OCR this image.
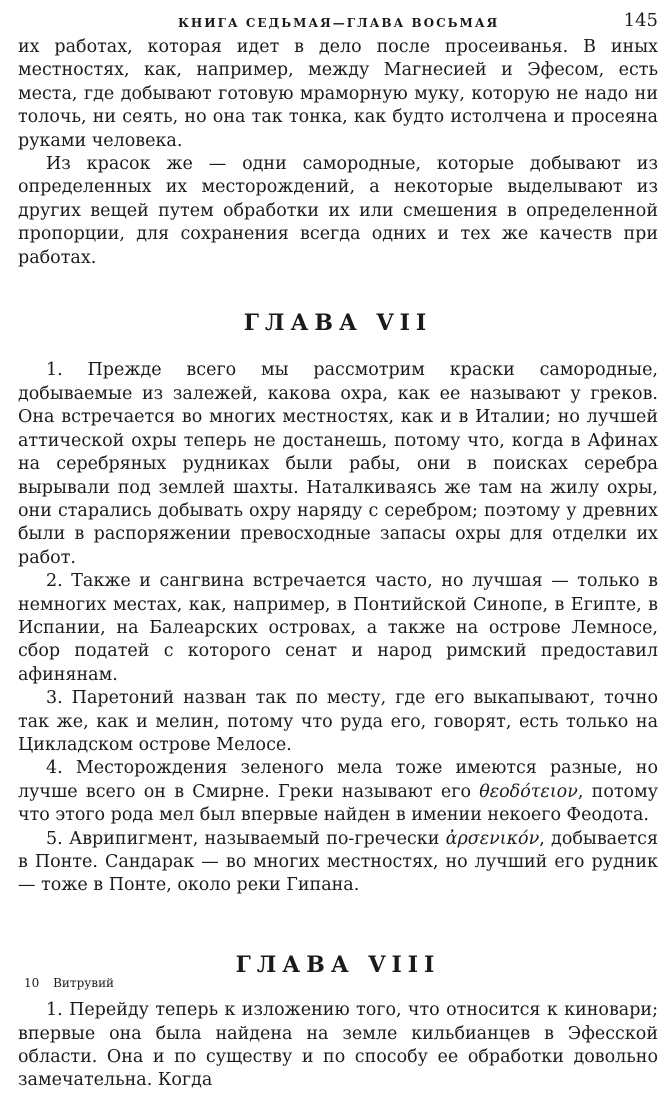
КНИГА СЕДЬМАЯ—ГЛАВА ВОСЬМАЯ	145

их работах, которая идет в дело после просеиванья. В иных местностях, как, например, между Магнесией и Эфесом, есть места, где добывают готовую мраморную муку, которую не надо ни толочь, ни сеять, но она так тонка, как будто истолчена и просеяна руками человека.

Из красок же — одни самородные, которые добывают из определенных их месторождений, а некоторые выделывают из других вещей путем обработки их или смешения в определенной пропорции, для сохранения всегда одних и тех же качеств при работах.

ГЛАВА VII

1. Прежде всего мы рассмотрим краски самородные, добываемые из залежей, какова охра, как ее называют у греков. Она встречается во многих местностях, как и в Италии; но лучшей аттической охры теперь не достанешь, потому что, когда в Афинах на серебряных рудниках были рабы, они в поисках серебра вырывали под землей шахты. Наталкиваясь же там на жилу охры, они старались добывать охру наряду с серебром; поэтому у древних были в распоряжении превосходные запасы охры для отделки их работ.

2. Также и сангвина встречается часто, но лучшая — только в немногих местах, как, например, в Понтийской Синопе, в Египте, в Испании, на Балеарских островах, а также на острове Лемносе, сбор податей с которого сенат и народ римский предоставил афинянам.

3. Паретоний назван так по месту, где его выкапывают, точно так же, как и мелин, потому что руда его, говорят, есть только на Цикладском острове Мелосе.

4. Месторождения зеленого мела тоже имеются разные, но лучше всего он в Смирне. Греки называют его θεοδότειον, потому что этого рода мел был впервые найден в имении некоего Феодота.

5. Аврипигмент, называемый по-гречески ἀρσενικόν, добывается в Понте. Сандарак — во многих местностях, но лучший его рудник — тоже в Понте, около реки Гипана.

ГЛАВА VIII

1. Перейду теперь к изложению того, что относится к киновари; впервые она была найдена на земле кильбианцев в Эфесской области. Она и по существу и по способу ее обработки довольно замечательна. Когда

10 Витрувий
